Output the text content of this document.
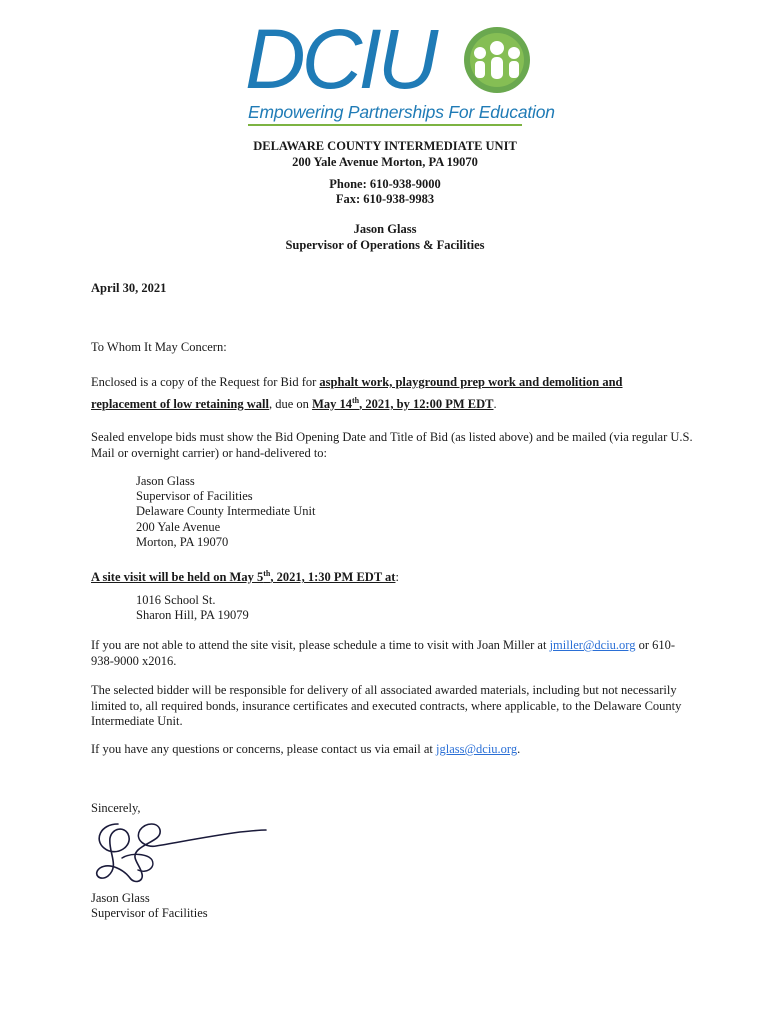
DCIU
Empowering Partnerships For Education
DELAWARE COUNTY INTERMEDIATE UNIT
200 Yale Avenue Morton, PA 19070
Phone: 610-938-9000
Fax: 610-938-9983
Jason Glass
Supervisor of Operations & Facilities
April 30, 2021
To Whom It May Concern:
Enclosed is a copy of the Request for Bid for asphalt work, playground prep work and demolition and
replacement of low retaining wall, due on May 14th, 2021, by 12:00 PM EDT.
Sealed envelope bids must show the Bid Opening Date and Title of Bid (as listed above) and be mailed (via regular U.S. Mail or overnight carrier) or hand-delivered to:
Jason Glass
Supervisor of Facilities
Delaware County Intermediate Unit
200 Yale Avenue
Morton, PA 19070
A site visit will be held on May 5th, 2021, 1:30 PM EDT at:
1016 School St.
Sharon Hill, PA 19079
If you are not able to attend the site visit, please schedule a time to visit with Joan Miller at jmiller@dciu.org or 610-938-9000 x2016.
The selected bidder will be responsible for delivery of all associated awarded materials, including but not necessarily limited to, all required bonds, insurance certificates and executed contracts, where applicable, to the Delaware County Intermediate Unit.
If you have any questions or concerns, please contact us via email at jglass@dciu.org.
Sincerely,
Jason Glass
Supervisor of Facilities
